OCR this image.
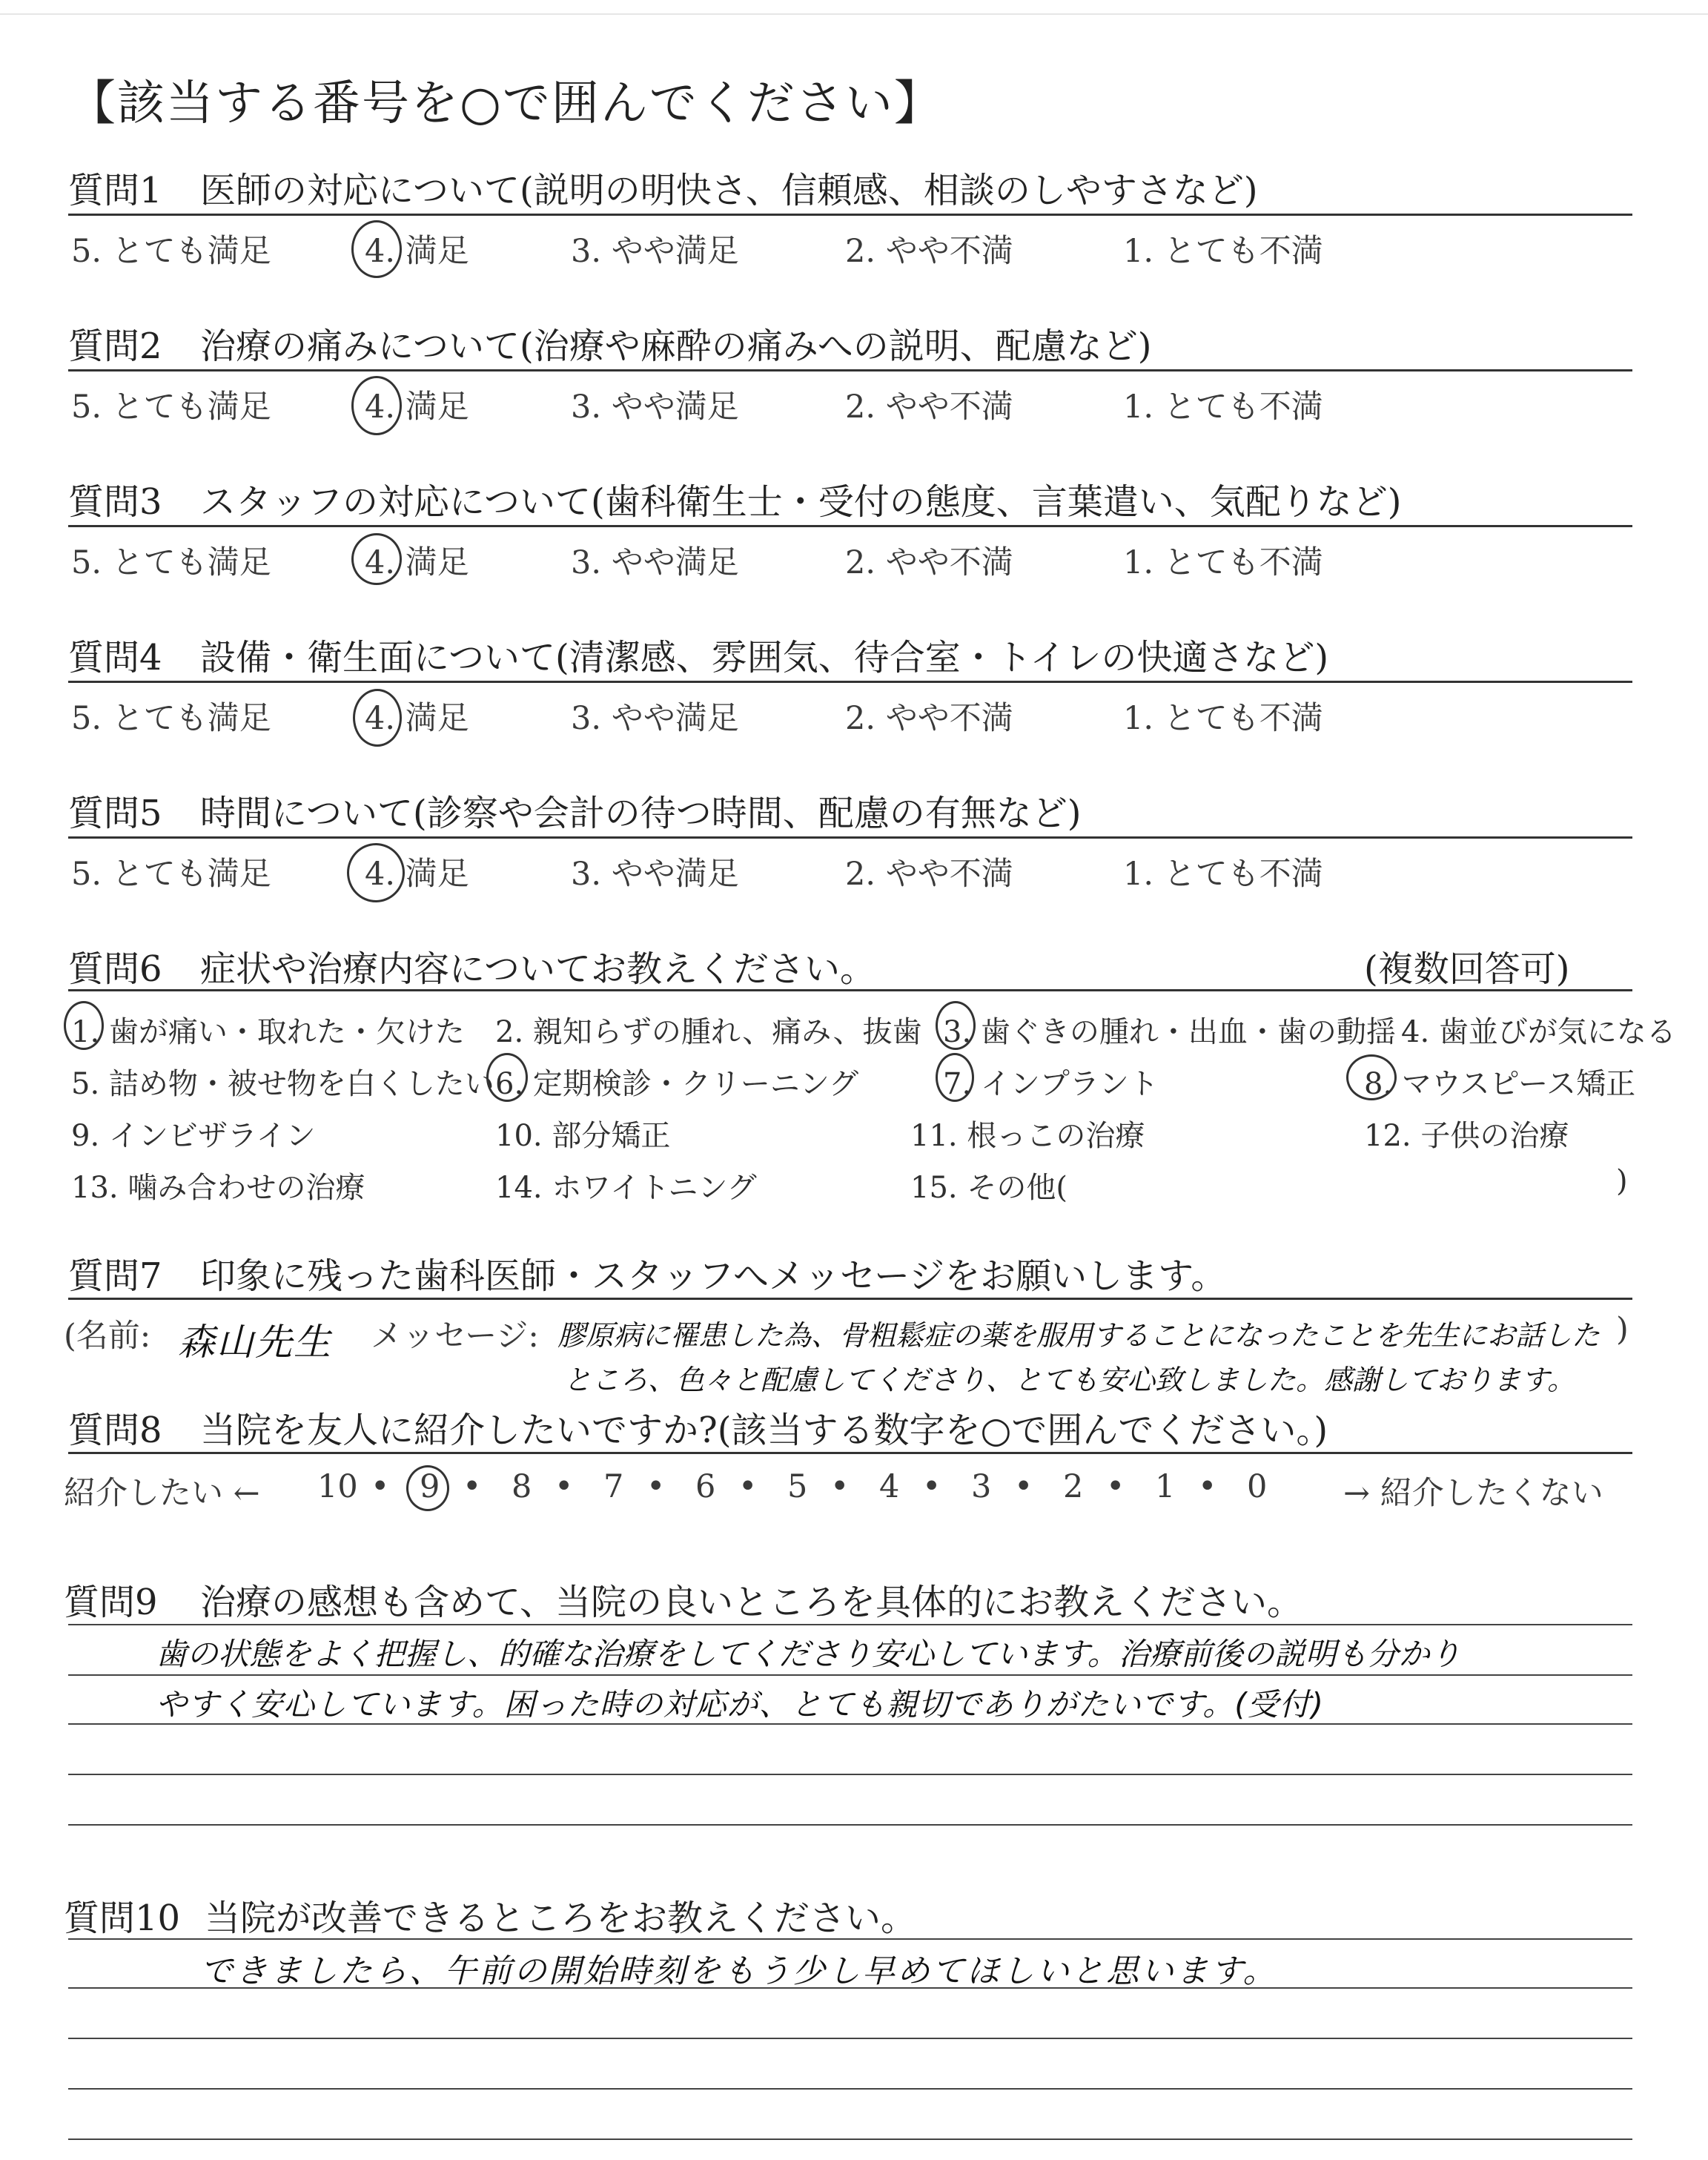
【該当する番号を○で囲んでください】
質問1 医師の対応について(説明の明快さ、信頼感、相談のしやすさなど)
5. とても満足	4. 満足	3. やや満足	2. やや不満	1. とても不満
質問2 治療の痛みについて(治療や麻酔の痛みへの説明、配慮など)
5. とても満足	4. 満足	3. やや満足	2. やや不満	1. とても不満
質問3 スタッフの対応について(歯科衛生士・受付の態度、言葉遣い、気配りなど)
5. とても満足	4. 満足	3. やや満足	2. やや不満	1. とても不満
質問4 設備・衛生面について(清潔感、雰囲気、待合室・トイレの快適さなど)
5. とても満足	4. 満足	3. やや満足	2. やや不満	1. とても不満
質問5 時間について(診察や会計の待つ時間、配慮の有無など)
5. とても満足	4. 満足	3. やや満足	2. やや不満	1. とても不満
質問6 症状や治療内容についてお教えください。	(複数回答可)
1. 歯が痛い・取れた・欠けた 2. 親知らずの腫れ、痛み、抜歯 3. 歯ぐきの腫れ・出血・歯の動揺 4. 歯並びが気になる
5. 詰め物・被せ物を白くしたい 6. 定期検診・クリーニング	7. インプラント	8. マウスピース矯正
9. インビザライン	10. 部分矯正	11. 根っこの治療	12. 子供の治療
13. 噛み合わせの治療	14. ホワイトニング	15. その他(	)
質問7 印象に残った歯科医師・スタッフへメッセージをお願いします。
(名前: 森山先生 メッセージ: 膠原病に罹患した為、骨粗鬆症の薬を服用することになったことを先生にお話した )
ところ、色々と配慮してくださり、とても安心致しました。感謝しております。
質問8 当院を友人に紹介したいですか?(該当する数字を○で囲んでください。)
紹介したい ← 10 • 9 • 8 • 7 • 6 • 5 • 4 • 3 • 2 • 1 • 0 → 紹介したくない
質問9 治療の感想も含めて、当院の良いところを具体的にお教えください。
歯の状態をよく把握し、的確な治療をしてくださり安心しています。治療前後の説明も分かり
やすく安心しています。困った時の対応が、とても親切でありがたいです。(受付)
質問10 当院が改善できるところをお教えください。
できましたら、午前の開始時刻をもう少し早めてほしいと思います。
